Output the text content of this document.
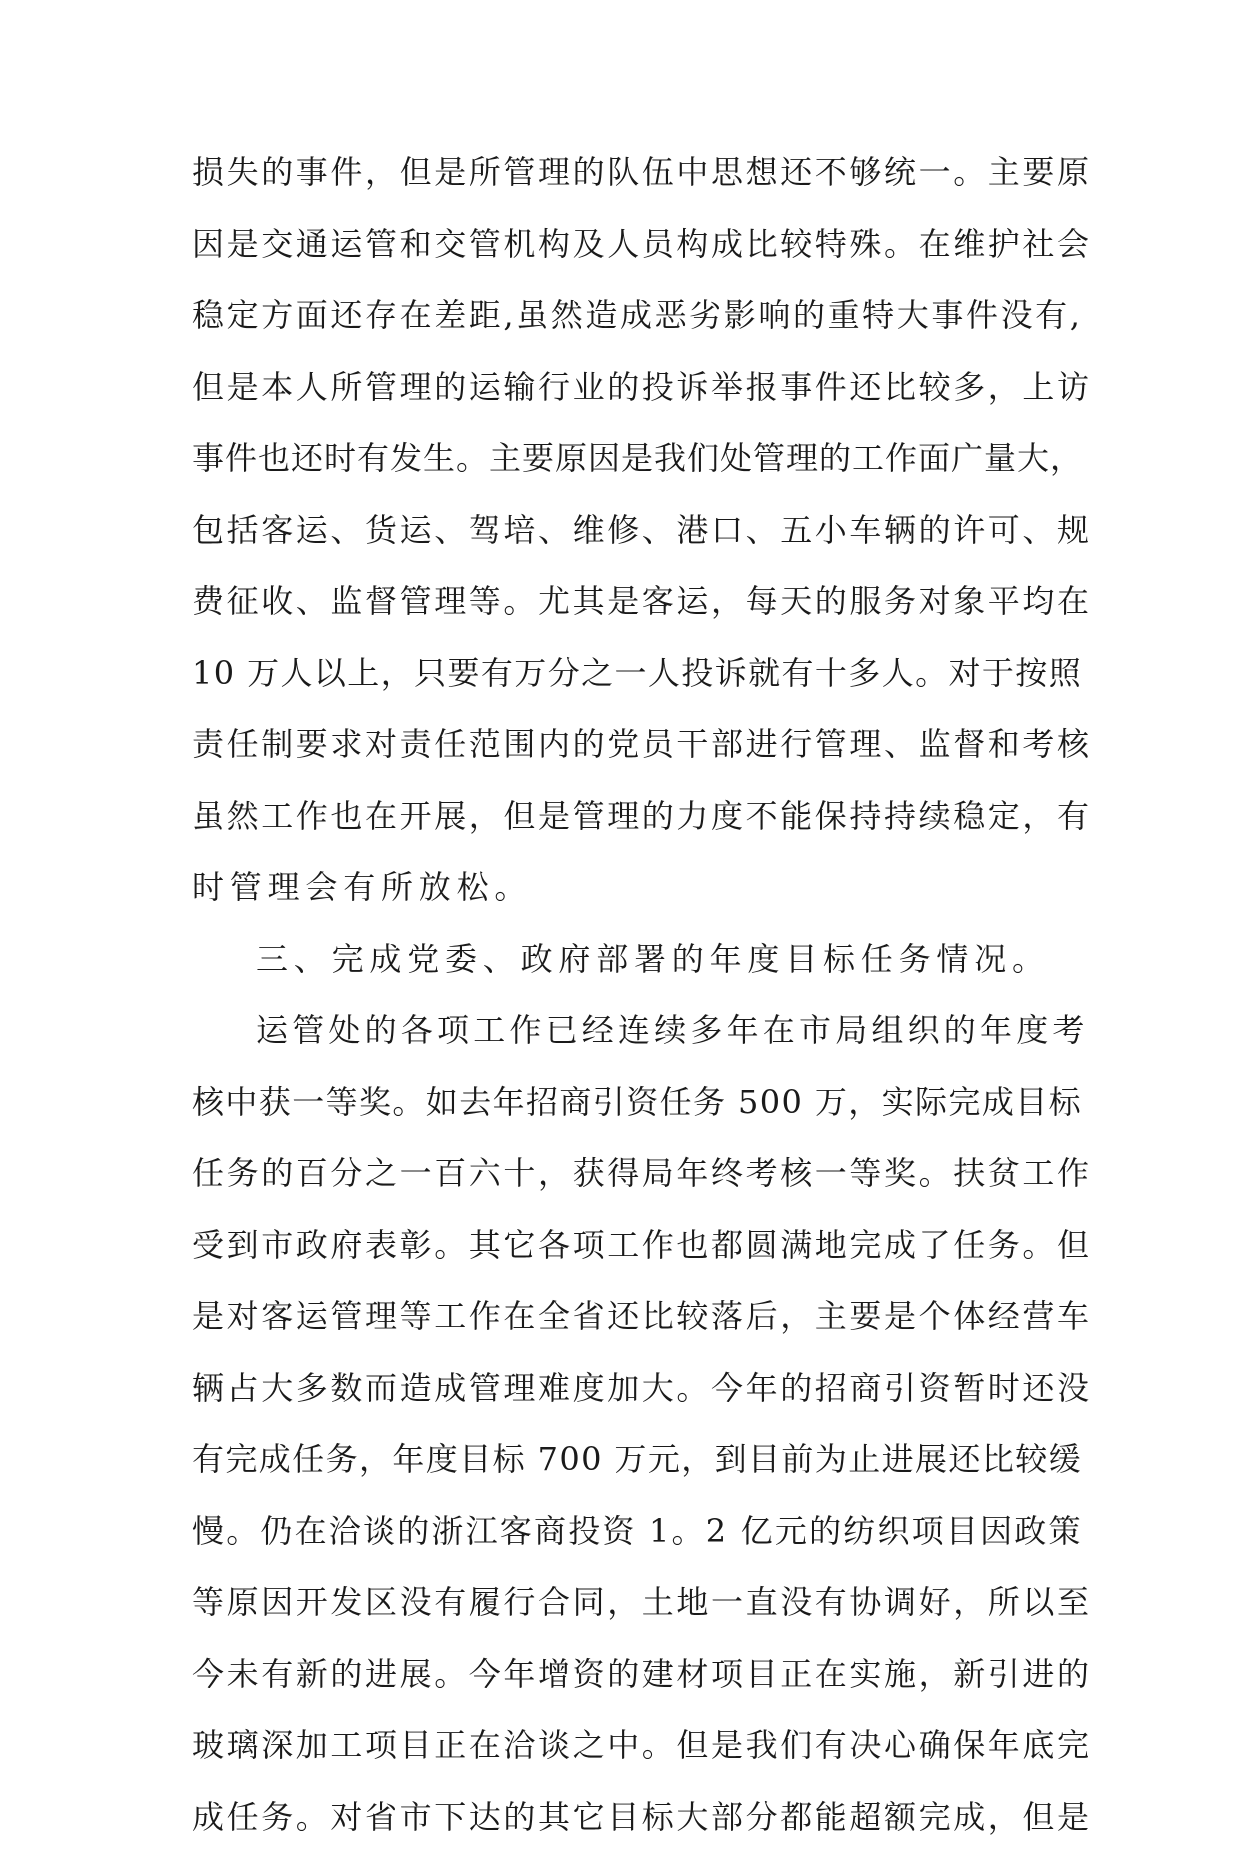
损失的事件，但是所管理的队伍中思想还不够统一。主要原
因是交通运管和交管机构及人员构成比较特殊。在维护社会
稳定方面还存在差距,虽然造成恶劣影响的重特大事件没有,
但是本人所管理的运输行业的投诉举报事件还比较多，上访
事件也还时有发生。主要原因是我们处管理的工作面广量大，
包括客运、货运、驾培、维修、港口、五小车辆的许可、规
费征收、监督管理等。尤其是客运，每天的服务对象平均在
10 万人以上，只要有万分之一人投诉就有十多人。对于按照
责任制要求对责任范围内的党员干部进行管理、监督和考核
虽然工作也在开展，但是管理的力度不能保持持续稳定，有
时管理会有所放松。
三、完成党委、政府部署的年度目标任务情况。
运管处的各项工作已经连续多年在市局组织的年度考
核中获一等奖。如去年招商引资任务 500 万，实际完成目标
任务的百分之一百六十，获得局年终考核一等奖。扶贫工作
受到市政府表彰。其它各项工作也都圆满地完成了任务。但
是对客运管理等工作在全省还比较落后，主要是个体经营车
辆占大多数而造成管理难度加大。今年的招商引资暂时还没
有完成任务，年度目标 700 万元，到目前为止进展还比较缓
慢。仍在洽谈的浙江客商投资 1。2 亿元的纺织项目因政策
等原因开发区没有履行合同，土地一直没有协调好，所以至
今未有新的进展。今年增资的建材项目正在实施，新引进的
玻璃深加工项目正在洽谈之中。但是我们有决心确保年底完
成任务。对省市下达的其它目标大部分都能超额完成，但是
